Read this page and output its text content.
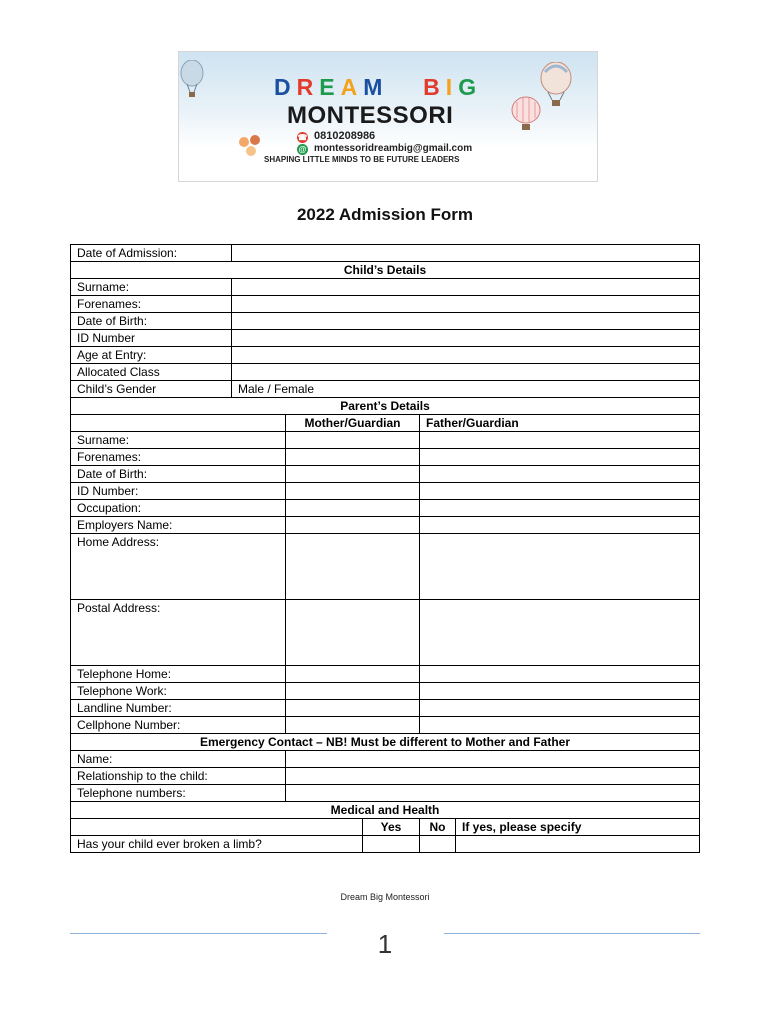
DREAM BIG
MONTESSORI
☎ 0810208986
@ montessoridreambig@gmail.com
SHAPING LITTLE MINDS TO BE FUTURE LEADERS
2022 Admission Form
Date of Admission:					
Child’s Details					
Surname:					
Forenames:					
Date of Birth:					
ID Number					
Age at Entry:					
Allocated Class					
Child’s Gender	Male / Female				
Parent’s Details					
		Mother/Guardian		Father/Guardian	
Surname:					
Forenames:					
Date of Birth:					
ID Number:					
Occupation:					
Employers Name:					
Home Address:					
Postal Address:					
Telephone Home:					
Telephone Work:					
Landline Number:					
Cellphone Number:					
Emergency Contact – NB! Must be different to Mother and Father					
Name:					
Relationship to the child:					
Telephone numbers:					
Medical and Health					
			Yes	No	If yes, please specify
Has your child ever broken a limb?					
Dream Big Montessori
1
